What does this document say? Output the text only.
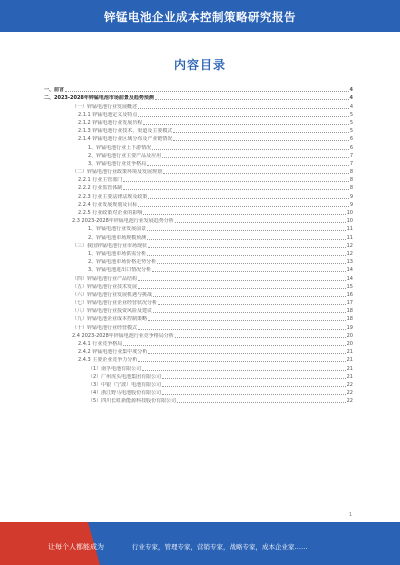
锌锰电池企业成本控制策略研究报告
内容目录
一、前言	4
二、2023-2028年锌锰电池市场前景及趋势预测	4
（一）锌锰电池行业发展概述	4
2.1.1 锌锰电池定义及特点	5
2.1.2 锌锰电池行业发展历程	5
2.1.3 锌锰电池行业技术、渠道及主要模式	5
2.1.4 锌锰电池行业区域分布及产业链情况	6
1、锌锰电池行业上下游情况	6
2、锌锰电池行业主要产品及应用	7
3、锌锰电池行业竞争格局	7
（二）锌锰电池行业政策环境及发展规划	8
2.2.1 行业主管部门	8
2.2.2 行业监管体制	8
2.2.3 行业主要法律法规及政策	9
2.2.4 行业发展规划及目标	9
2.2.5 行业政策对企业的影响	10
2.3 2023-2028年锌锰电池行业发展趋势分析	10
1、锌锰电池行业发展前景	11
2、锌锰电池市场规模预测	11
（三）我国锌锰电池行业市场现状	12
1、锌锰电池市场供需分析	12
2、锌锰电池市场价格走势分析	13
3、锌锰电池进出口情况分析	14
（四）锌锰电池行业产品结构	14
（五）锌锰电池行业技术发展	15
（六）锌锰电池行业发展机遇与挑战	16
（七）锌锰电池行业企业经营状况分析	17
（八）锌锰电池行业投资风险及建议	18
（九）锌锰电池企业成本控制策略	18
（十）锌锰电池行业经营模式	19
2.4 2023-2028年锌锰电池行业竞争格局分析	20
2.4.1 行业竞争格局	20
2.4.2 锌锰电池行业集中度分析	21
2.4.3 主要企业竞争力分析	21
（1）南孚电池有限公司	21
（2）广州虎头电池集团有限公司	21
（3）中银（宁波）电池有限公司	22
（4）浙江野马电池股份有限公司	22
（5）四川长虹新能源科技股份有限公司	22
1
让每个人都能成为	行业专家，管理专家，营销专家，战略专家，成本企业家……
